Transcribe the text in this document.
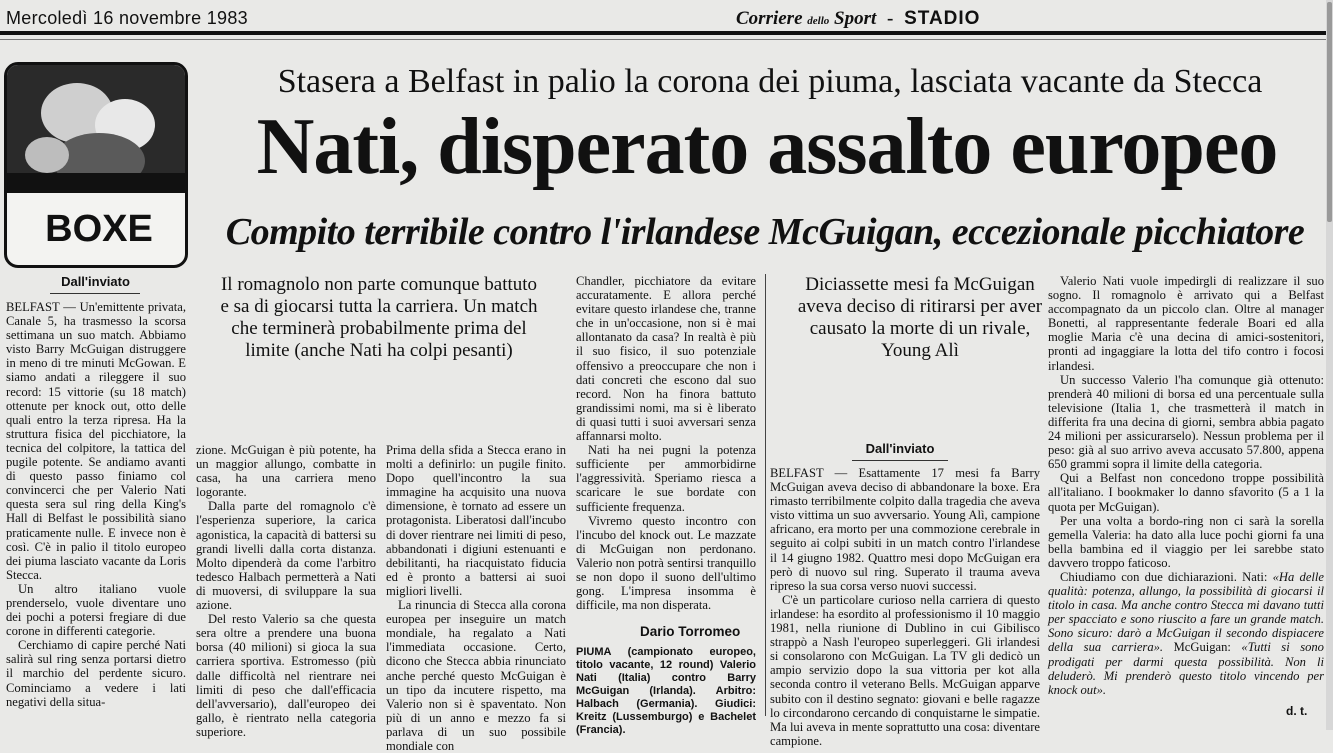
Mercoledì 16 novembre 1983	Corriere dello Sport - STADIO
BOXE
Stasera a Belfast in palio la corona dei piuma, lasciata vacante da Stecca
Nati, disperato assalto europeo
Compito terribile contro l'irlandese McGuigan, eccezionale picchiatore
Dall'inviato

BELFAST — Un'emittente privata, Canale 5, ha trasmesso la scorsa settimana un suo match. Abbiamo visto Barry McGuigan distruggere in meno di tre minuti McGowan. E siamo andati a rileggere il suo record: 15 vittorie (su 18 match) ottenute per knock out, otto delle quali entro la terza ripresa. Ha la struttura fisica del picchiatore, la tecnica del colpitore, la tattica del pugile potente. Se andiamo avanti di questo passo finiamo col convincerci che per Valerio Nati questa sera sul ring della King's Hall di Belfast le possibilità siano praticamente nulle. E invece non è così. C'è in palio il titolo europeo dei piuma lasciato vacante da Loris Stecca.

Un altro italiano vuole prenderselo, vuole diventare uno dei pochi a potersi fregiare di due corone in differenti categorie.

Cerchiamo di capire perché Nati salirà sul ring senza portarsi dietro il marchio del perdente sicuro. Cominciamo a vedere i lati negativi della situa-

Il romagnolo non parte comunque battuto e sa di giocarsi tutta la carriera. Un match che terminerà probabilmente prima del limite (anche Nati ha colpi pesanti)

zione. McGuigan è più potente, ha un maggior allungo, combatte in casa, ha una carriera meno logorante.

Dalla parte del romagnolo c'è l'esperienza superiore, la carica agonistica, la capacità di battersi su grandi livelli dalla corta distanza. Molto dipenderà da come l'arbitro tedesco Halbach permetterà a Nati di muoversi, di sviluppare la sua azione.

Del resto Valerio sa che questa sera oltre a prendere una buona borsa (40 milioni) si gioca la sua carriera sportiva. Estromesso (più dalle difficoltà nel rientrare nei limiti di peso che dall'efficacia dell'avversario), dall'europeo dei gallo, è rientrato nella categoria superiore.

Prima della sfida a Stecca erano in molti a definirlo: un pugile finito. Dopo quell'incontro la sua immagine ha acquisito una nuova dimensione, è tornato ad essere un protagonista. Liberatosi dall'incubo di dover rientrare nei limiti di peso, abbandonati i digiuni estenuanti e debilitanti, ha riacquistato fiducia ed è pronto a battersi ai suoi migliori livelli.

La rinuncia di Stecca alla corona europea per inseguire un match mondiale, ha regalato a Nati l'immediata occasione. Certo, dicono che Stecca abbia rinunciato anche perché questo McGuigan è un tipo da incutere rispetto, ma Valerio non si è spaventato. Non più di un anno e mezzo fa si parlava di un suo possibile mondiale con

Chandler, picchiatore da evitare accuratamente. E allora perché evitare questo irlandese che, tranne che in un'occasione, non si è mai allontanato da casa? In realtà è più il suo fisico, il suo potenziale offensivo a preoccupare che non i dati concreti che escono dal suo record. Non ha finora battuto grandissimi nomi, ma si è liberato di quasi tutti i suoi avversari senza affannarsi molto.

Nati ha nei pugni la potenza sufficiente per ammorbidirne l'aggressività. Speriamo riesca a scaricare le sue bordate con sufficiente frequenza.

Vivremo questo incontro con l'incubo del knock out. Le mazzate di McGuigan non perdonano. Valerio non potrà sentirsi tranquillo se non dopo il suono dell'ultimo gong. L'impresa insomma è difficile, ma non disperata.

Dario Torromeo
PIUMA (campionato europeo, titolo vacante, 12 round) Valerio Nati (Italia) contro Barry McGuigan (Irlanda). Arbitro: Halbach (Germania). Giudici: Kreitz (Lussemburgo) e Bachelet (Francia).
Diciassette mesi fa McGuigan aveva deciso di ritirarsi per aver causato la morte di un rivale, Young Alì
Dall'inviato

BELFAST — Esattamente 17 mesi fa Barry McGuigan aveva deciso di abbandonare la boxe. Era rimasto terribilmente colpito dalla tragedia che aveva visto vittima un suo avversario. Young Alì, campione africano, era morto per una commozione cerebrale in seguito ai colpi subiti in un match contro l'irlandese il 14 giugno 1982. Quattro mesi dopo McGuigan era però di nuovo sul ring. Superato il trauma aveva ripreso la sua corsa verso nuovi successi.

C'è un particolare curioso nella carriera di questo irlandese: ha esordito al professionismo il 10 maggio 1981, nella riunione di Dublino in cui Gibilisco strappò a Nash l'europeo superleggeri. Gli irlandesi si consolarono con McGuigan. La TV gli dedicò un ampio servizio dopo la sua vittoria per kot alla seconda contro il veterano Bells. McGuigan apparve subito con il destino segnato: giovani e belle ragazze lo circondarono cercando di conquistarne le simpatie. Ma lui aveva in mente soprattutto una cosa: diventare campione.

Valerio Nati vuole impedirgli di realizzare il suo sogno. Il romagnolo è arrivato qui a Belfast accompagnato da un piccolo clan. Oltre al manager Bonetti, al rappresentante federale Boari ed alla moglie Maria c'è una decina di amici-sostenitori, pronti ad ingaggiare la lotta del tifo contro i focosi irlandesi.

Un successo Valerio l'ha comunque già ottenuto: prenderà 40 milioni di borsa ed una percentuale sulla televisione (Italia 1, che trasmetterà il match in differita fra una decina di giorni, sembra abbia pagato 24 milioni per assicurarselo). Nessun problema per il peso: già al suo arrivo aveva accusato 57.800, appena 650 grammi sopra il limite della categoria.

Qui a Belfast non concedono troppe possibilità all'italiano. I bookmaker lo danno sfavorito (5 a 1 la quota per McGuigan).

Per una volta a bordo-ring non ci sarà la sorella gemella Valeria: ha dato alla luce pochi giorni fa una bella bambina ed il viaggio per lei sarebbe stato davvero troppo faticoso.

Chiudiamo con due dichiarazioni. Nati: «Ha delle qualità: potenza, allungo, la possibilità di giocarsi il titolo in casa. Ma anche contro Stecca mi davano tutti per spacciato e sono riuscito a fare un grande match. Sono sicuro: darò a McGuigan il secondo dispiacere della sua carriera». McGuigan: «Tutti si sono prodigati per darmi questa possibilità. Non li deluderò. Mi prenderò questo titolo vincendo per knock out».

d. t.
